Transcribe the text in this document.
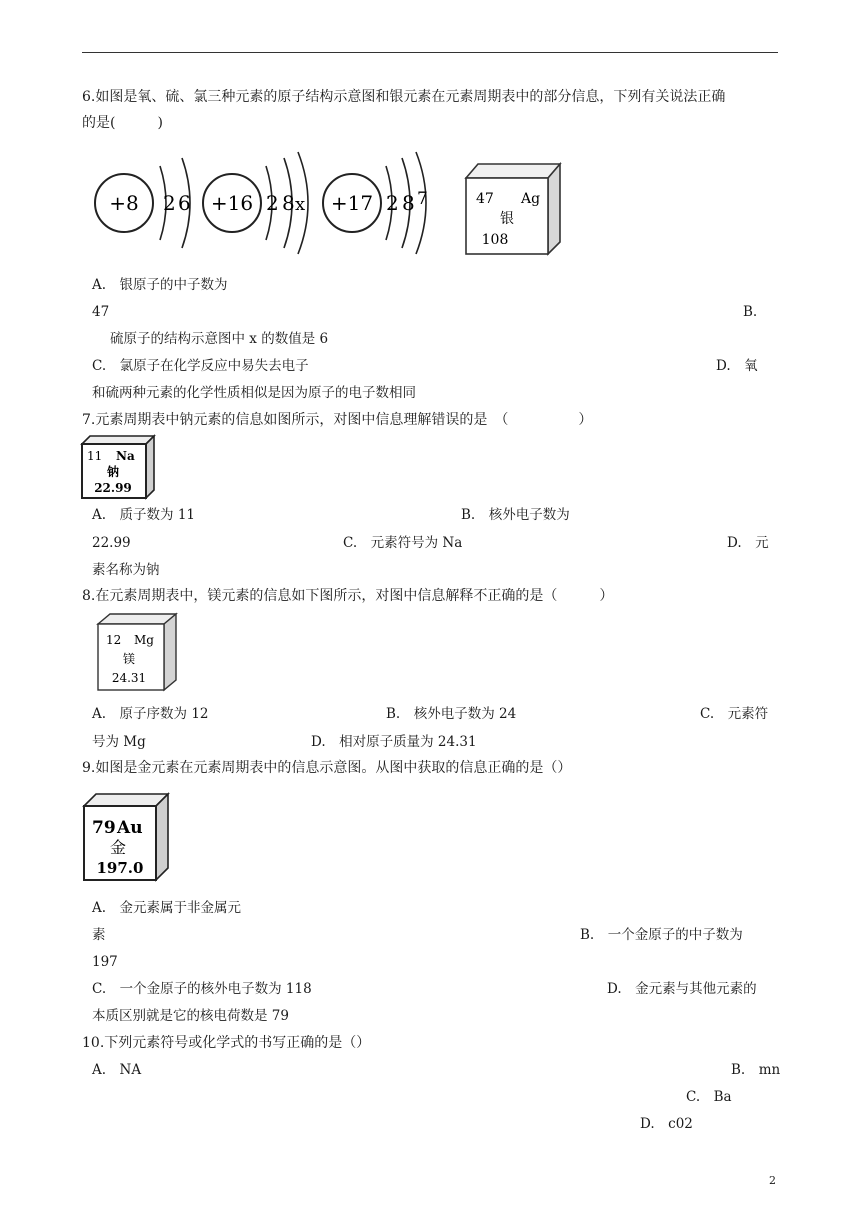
6.如图是氧、硫、氯三种元素的原子结构示意图和银元素在元素周期表中的部分信息，下列有关说法正确
的是(　　　)
+8 2 6 +16 2 8 x +17 2 8 7	47 Ag
银
108
A.　银原子的中子数为
47	B.
硫原子的结构示意图中 x 的数值是 6
C.　氯原子在化学反应中易失去电子	D.　氧
和硫两种元素的化学性质相似是因为原子的电子数相同
7.元素周期表中钠元素的信息如图所示，对图中信息理解错误的是　（　　　　　）
11 Na
钠
22.99
A.　质子数为 11	B.　核外电子数为
22.99	C.　元素符号为 Na	D.　元
素名称为钠
8.在元素周期表中，镁元素的信息如下图所示，对图中信息解释不正确的是（　　　）
12 Mg
镁
24.31
A.　原子序数为 12	B.　核外电子数为 24	C.　元素符
号为 Mg	D.　相对原子质量为 24.31
9.如图是金元素在元素周期表中的信息示意图。从图中获取的信息正确的是（）
79 Au
金
197.0
A.　金元素属于非金属元
素	B.　一个金原子的中子数为
197
C.　一个金原子的核外电子数为 118	D.　金元素与其他元素的
本质区别就是它的核电荷数是 79
10.下列元素符号或化学式的书写正确的是（）
A.　NA	B.　mn
C.　Ba
D.　c02
2
